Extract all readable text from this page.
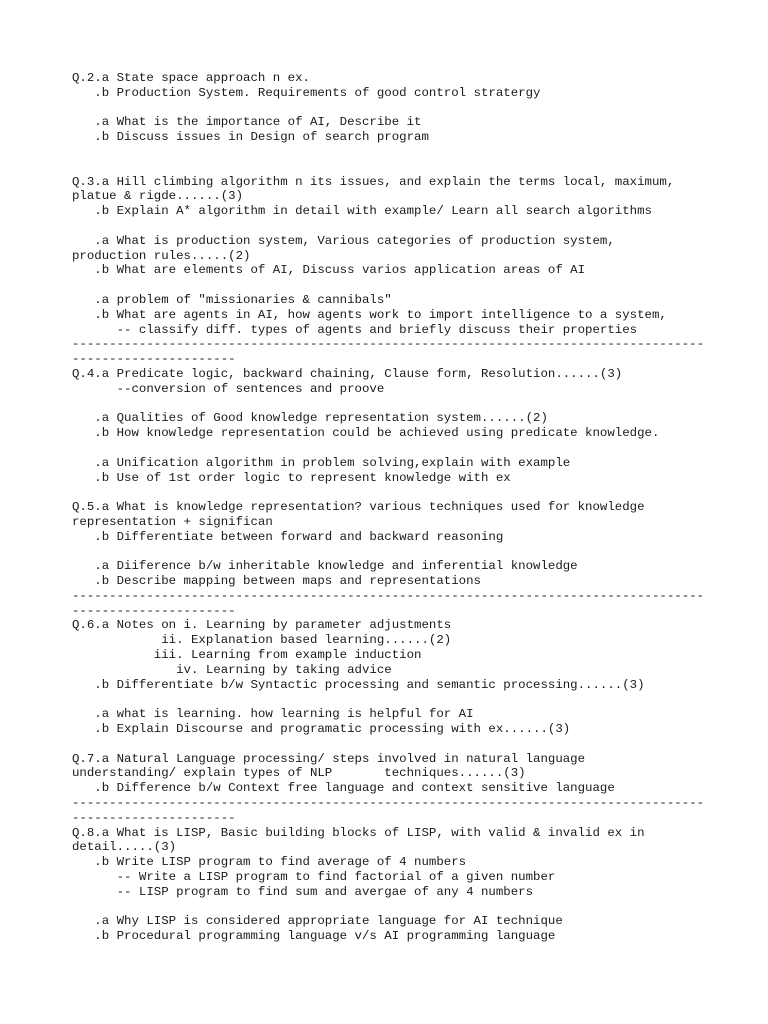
Q.2.a State space approach n ex.
.b Production System. Requirements of good control stratergy
.a What is the importance of AI, Describe it
.b Discuss issues in Design of search program
Q.3.a Hill climbing algorithm n its issues, and explain the terms local, maximum,
platue & rigde......(3)
.b Explain A* algorithm in detail with example/ Learn all search algorithms
.a What is production system, Various categories of production system,
production rules.....(2)
.b What are elements of AI, Discuss varios application areas of AI
.a problem of "missionaries & cannibals"
.b What are agents in AI, how agents work to import intelligence to a system,
-- classify diff. types of agents and briefly discuss their properties
-------------------------------------------------------------------------------------
----------------------
Q.4.a Predicate logic, backward chaining, Clause form, Resolution......(3)
--conversion of sentences and proove
.a Qualities of Good knowledge representation system......(2)
.b How knowledge representation could be achieved using predicate knowledge.
.a Unification algorithm in problem solving,explain with example
.b Use of 1st order logic to represent knowledge with ex
Q.5.a What is knowledge representation? various techniques used for knowledge
representation + significan
.b Differentiate between forward and backward reasoning
.a Diiference b/w inheritable knowledge and inferential knowledge
.b Describe mapping between maps and representations
-------------------------------------------------------------------------------------
----------------------
Q.6.a Notes on i. Learning by parameter adjustments
ii. Explanation based learning......(2)
iii. Learning from example induction
iv. Learning by taking advice
.b Differentiate b/w Syntactic processing and semantic processing......(3)
.a what is learning. how learning is helpful for AI
.b Explain Discourse and programatic processing with ex......(3)
Q.7.a Natural Language processing/ steps involved in natural language
understanding/ explain types of NLP       techniques......(3)
.b Difference b/w Context free language and context sensitive language
-------------------------------------------------------------------------------------
----------------------
Q.8.a What is LISP, Basic building blocks of LISP, with valid & invalid ex in
detail.....(3)
.b Write LISP program to find average of 4 numbers
-- Write a LISP program to find factorial of a given number
-- LISP program to find sum and avergae of any 4 numbers
.a Why LISP is considered appropriate language for AI technique
.b Procedural programming language v/s AI programming language
